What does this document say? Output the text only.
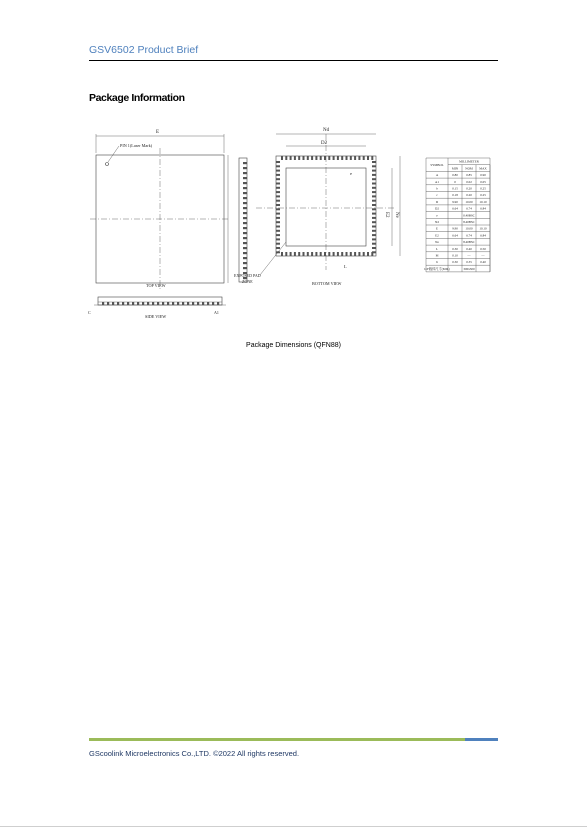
GSV6502 Product Brief
Package Information
E
PIN 1(Laser Mark)
TOP VIEW
SIDE VIEW
A1
C
Nd
D2
E2 Ne
L
e
EXPOSED PAD
ZONE	BOTTOM VIEW
SYMBOL
MILLIMETER
MIN NOM MAX
A	0.80	0.85	0.90
A1	0	0.02	0.05
b	0.15	0.20	0.25
c	0.18	0.20	0.25
D	9.90 10.00 10.10
D2	6.64	6.74	6.84
e	0.40BSC
Nd	8.40BSC
E	9.90 10.00 10.10
E2	6.64	6.74	6.84
Ne	8.40BSC
L	0.30	0.40	0.50
M	0.10	—	—
h	0.30	0.35	0.40
L/F载体尺寸(MIL)	300x300
Package Dimensions (QFN88)
GScoolink Microelectronics Co.,LTD. ©2022 All rights reserved.
